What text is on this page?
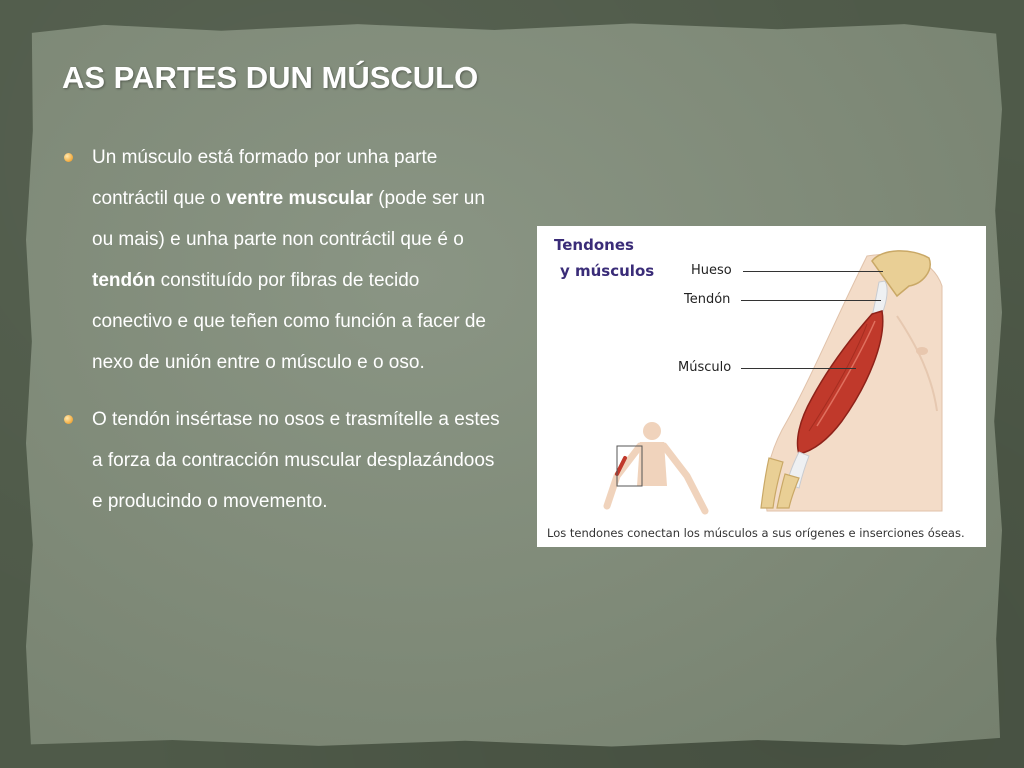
AS PARTES DUN MÚSCULO
Un músculo está formado por unha parte contráctil que o ventre muscular (pode ser un ou mais) e unha parte non contráctil que é o tendón constituído por fibras de tecido conectivo e que teñen como función a facer de nexo de unión entre o músculo e o oso.
O tendón insértase no osos e trasmítelle a estes a forza da contracción muscular desplazándoos e producindo o movemento.
Tendones
y músculos	Hueso
Tendón
Músculo
Los tendones conectan los músculos a sus orígenes e inserciones óseas.
